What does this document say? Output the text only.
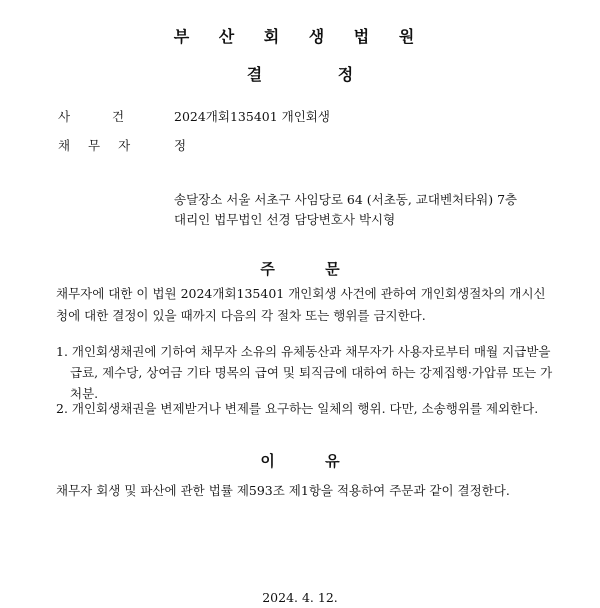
부 산 회 생 법 원
결 정
사 건	2024개회135401 개인회생
채 무 자	정
송달장소 서울 서초구 사임당로 64 (서초동, 교대벤처타워) 7층
대리인 법무법인 선경 담당변호사 박시형
주 문
채무자에 대한 이 법원 2024개회135401 개인회생 사건에 관하여 개인회생절차의 개시신청에 대한 결정이 있을 때까지 다음의 각 절차 또는 행위를 금지한다.
1. 개인회생채권에 기하여 채무자 소유의 유체동산과 채무자가 사용자로부터 매월 지급받을 급료, 제수당, 상여금 기타 명목의 급여 및 퇴직금에 대하여 하는 강제집행·가압류 또는 가처분.
2. 개인회생채권을 변제받거나 변제를 요구하는 일체의 행위. 다만, 소송행위를 제외한다.
이 유
채무자 회생 및 파산에 관한 법률 제593조 제1항을 적용하여 주문과 같이 결정한다.
2024. 4. 12.
